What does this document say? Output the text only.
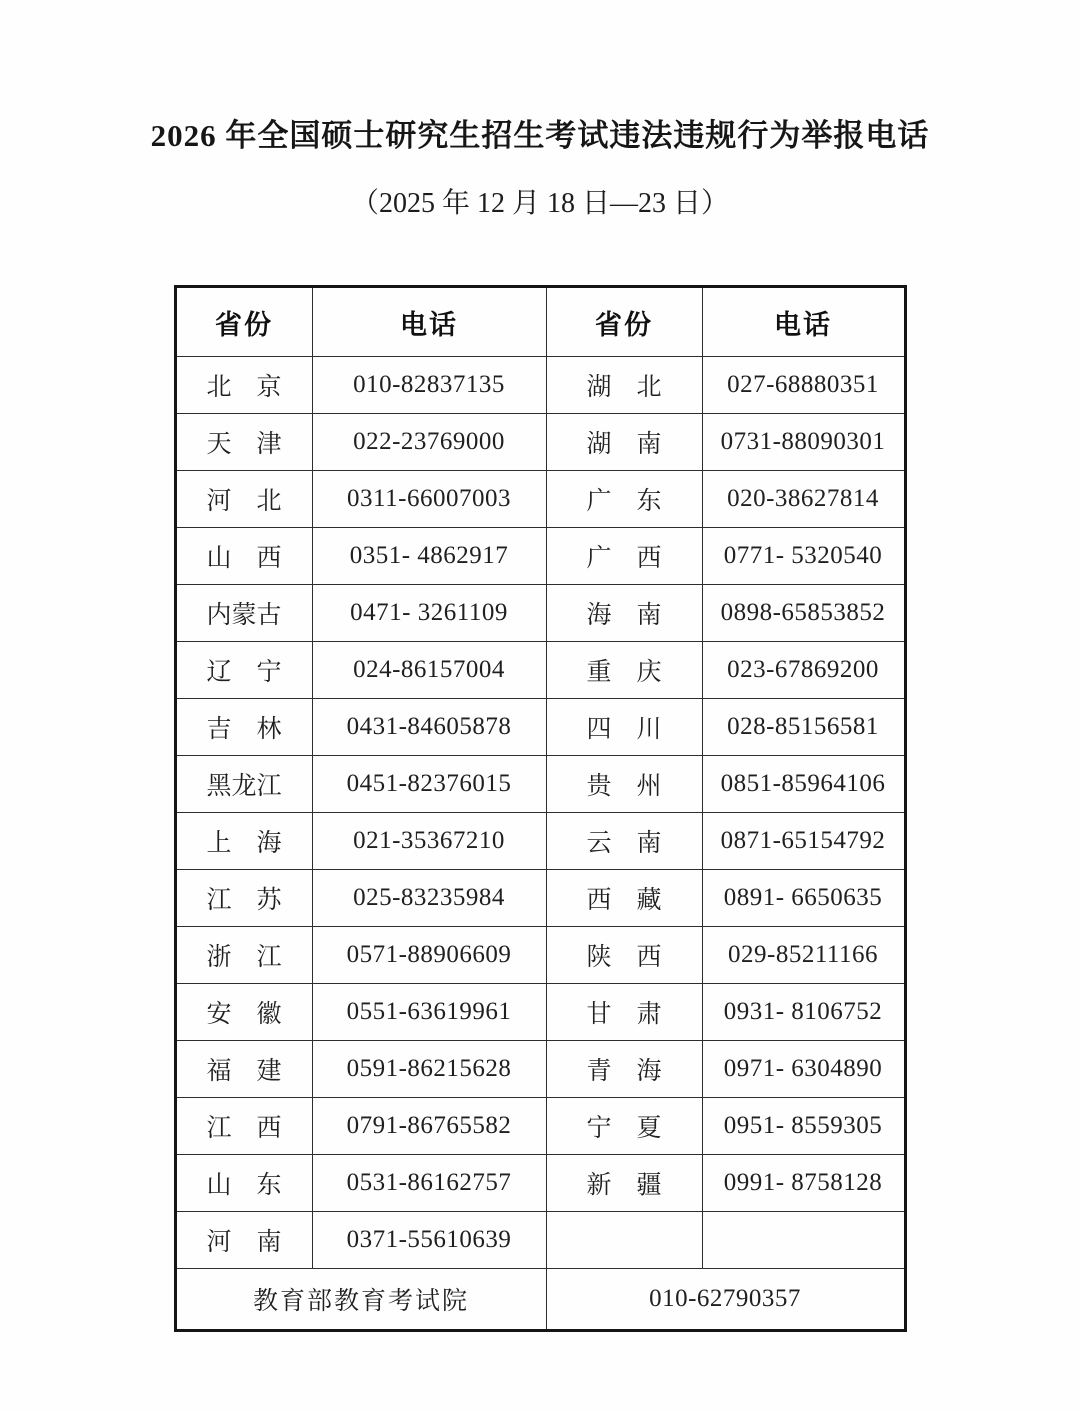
2026 年全国硕士研究生招生考试违法违规行为举报电话
（2025 年 12 月 18 日—23 日）
省份	电话	省份	电话
北　京	010-82837135	湖　北	027-68880351
天　津	022-23769000	湖　南	0731-88090301
河　北	0311-66007003	广　东	020-38627814
山　西	0351- 4862917	广　西	0771- 5320540
内蒙古	0471- 3261109	海　南	0898-65853852
辽　宁	024-86157004	重　庆	023-67869200
吉　林	0431-84605878	四　川	028-85156581
黑龙江	0451-82376015	贵　州	0851-85964106
上　海	021-35367210	云　南	0871-65154792
江　苏	025-83235984	西　藏	0891- 6650635
浙　江	0571-88906609	陕　西	029-85211166
安　徽	0551-63619961	甘　肃	0931- 8106752
福　建	0591-86215628	青　海	0971- 6304890
江　西	0791-86765582	宁　夏	0951- 8559305
山　东	0531-86162757	新　疆	0991- 8758128
河　南	0371-55610639		
教育部教育考试院		010-62790357	
